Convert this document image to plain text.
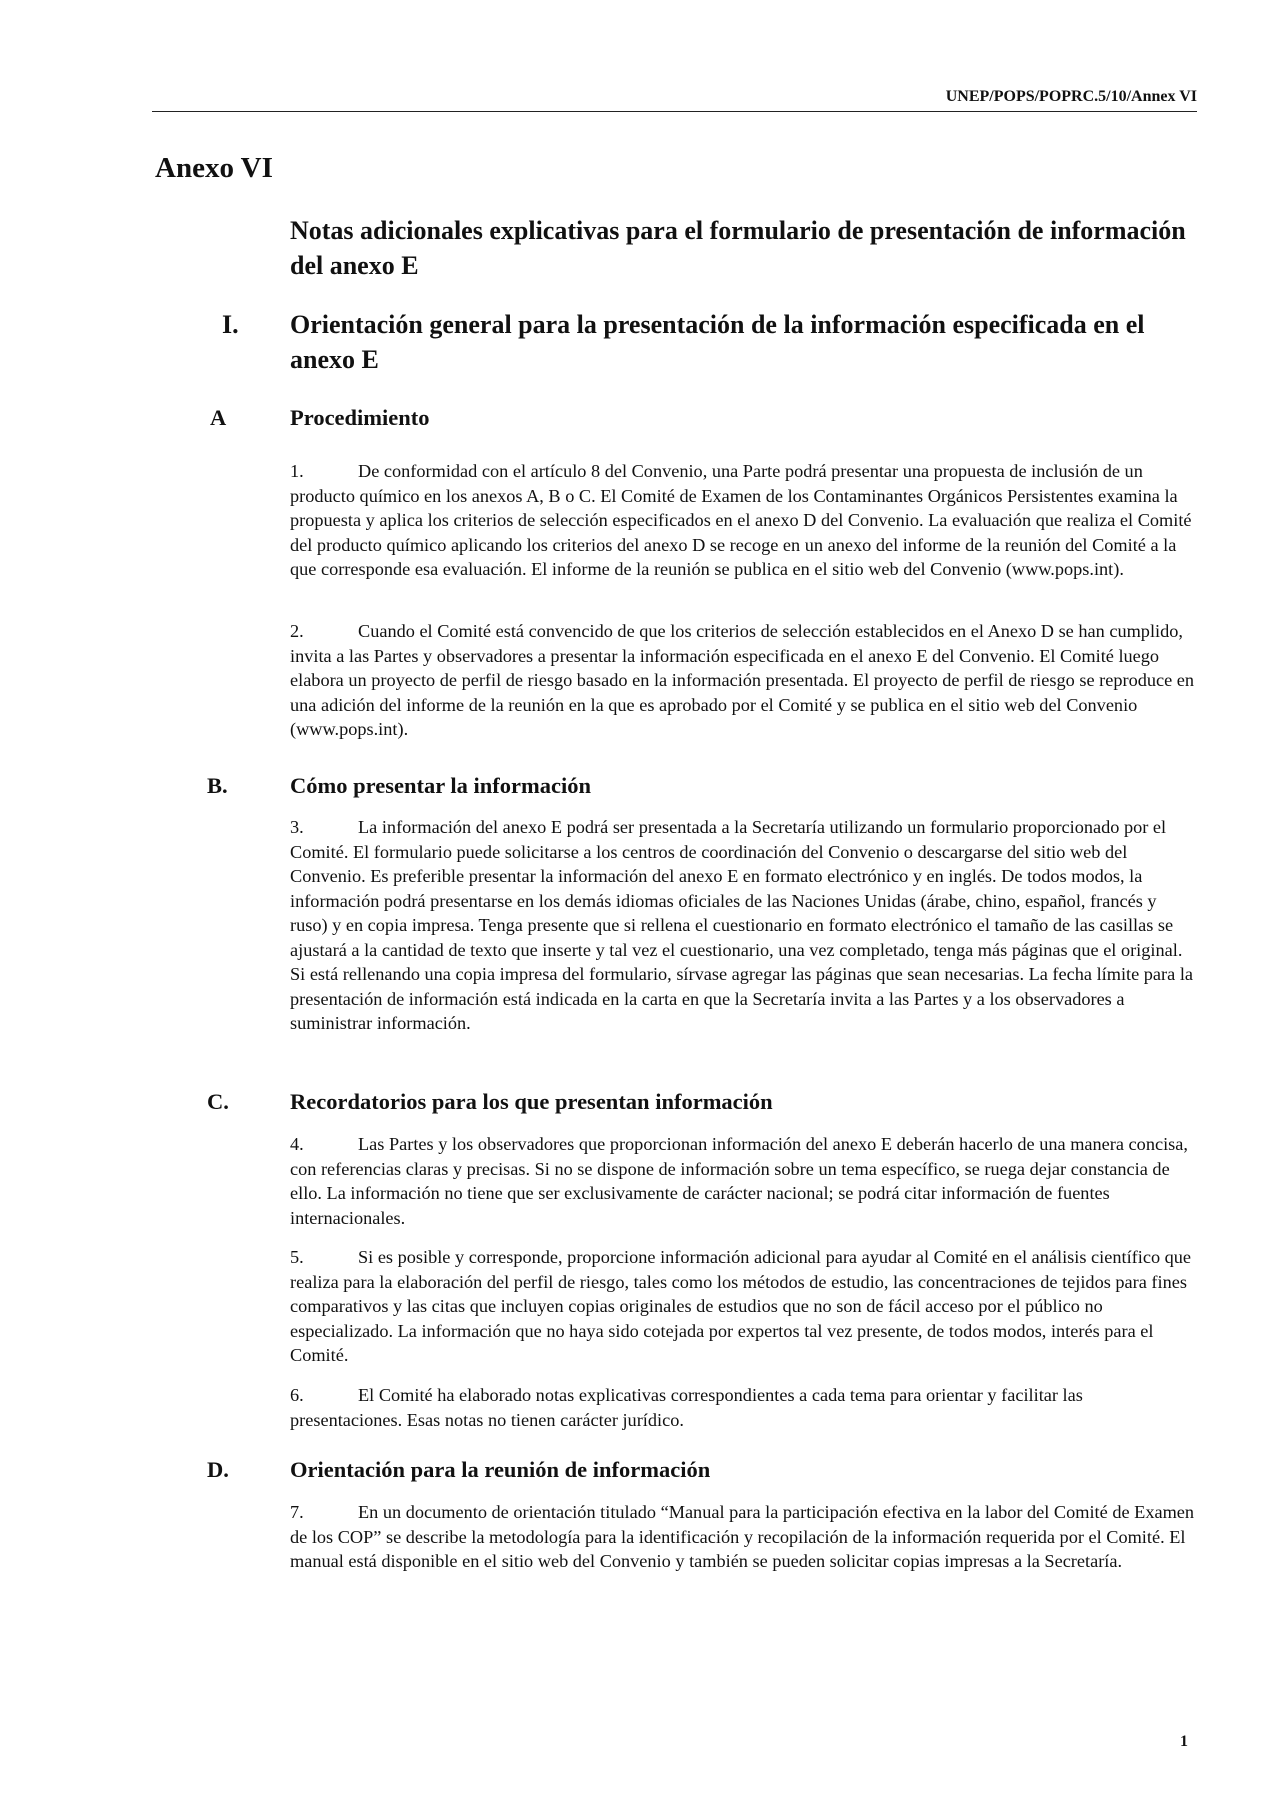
UNEP/POPS/POPRC.5/10/Annex VI
Anexo VI
Notas adicionales explicativas para el formulario de presentación de información del anexo E
I. Orientación general para la presentación de la información especificada en el anexo E
A	Procedimiento
1.	De conformidad con el artículo 8 del Convenio, una Parte podrá presentar una propuesta de inclusión de un producto químico en los anexos A, B o C. El Comité de Examen de los Contaminantes Orgánicos Persistentes examina la propuesta y aplica los criterios de selección especificados en el anexo D del Convenio. La evaluación que realiza el Comité del producto químico aplicando los criterios del anexo D se recoge en un anexo del informe de la reunión del Comité a la que corresponde esa evaluación. El informe de la reunión se publica en el sitio web del Convenio (www.pops.int).
2.	Cuando el Comité está convencido de que los criterios de selección establecidos en el Anexo D se han cumplido, invita a las Partes y observadores a presentar la información especificada en el anexo E del Convenio. El Comité luego elabora un proyecto de perfil de riesgo basado en la información presentada. El proyecto de perfil de riesgo se reproduce en una adición del informe de la reunión en la que es aprobado por el Comité y se publica en el sitio web del Convenio (www.pops.int).
B.	Cómo presentar la información
3.	La información del anexo E podrá ser presentada a la Secretaría utilizando un formulario proporcionado por el Comité. El formulario puede solicitarse a los centros de coordinación del Convenio o descargarse del sitio web del Convenio. Es preferible presentar la información del anexo E en formato electrónico y en inglés. De todos modos, la información podrá presentarse en los demás idiomas oficiales de las Naciones Unidas (árabe, chino, español, francés y ruso) y en copia impresa. Tenga presente que si rellena el cuestionario en formato electrónico el tamaño de las casillas se ajustará a la cantidad de texto que inserte y tal vez el cuestionario, una vez completado, tenga más páginas que el original. Si está rellenando una copia impresa del formulario, sírvase agregar las páginas que sean necesarias. La fecha límite para la presentación de información está indicada en la carta en que la Secretaría invita a las Partes y a los observadores a suministrar información.
C.	Recordatorios para los que presentan información
4.	Las Partes y los observadores que proporcionan información del anexo E deberán hacerlo de una manera concisa, con referencias claras y precisas. Si no se dispone de información sobre un tema específico, se ruega dejar constancia de ello. La información no tiene que ser exclusivamente de carácter nacional; se podrá citar información de fuentes internacionales.
5.	Si es posible y corresponde, proporcione información adicional para ayudar al Comité en el análisis científico que realiza para la elaboración del perfil de riesgo, tales como los métodos de estudio, las concentraciones de tejidos para fines comparativos y las citas que incluyen copias originales de estudios que no son de fácil acceso por el público no especializado. La información que no haya sido cotejada por expertos tal vez presente, de todos modos, interés para el Comité.
6.	El Comité ha elaborado notas explicativas correspondientes a cada tema para orientar y facilitar las presentaciones. Esas notas no tienen carácter jurídico.
D.	Orientación para la reunión de información
7.	En un documento de orientación titulado “Manual para la participación efectiva en la labor del Comité de Examen de los COP” se describe la metodología para la identificación y recopilación de la información requerida por el Comité. El manual está disponible en el sitio web del Convenio y también se pueden solicitar copias impresas a la Secretaría.
1
